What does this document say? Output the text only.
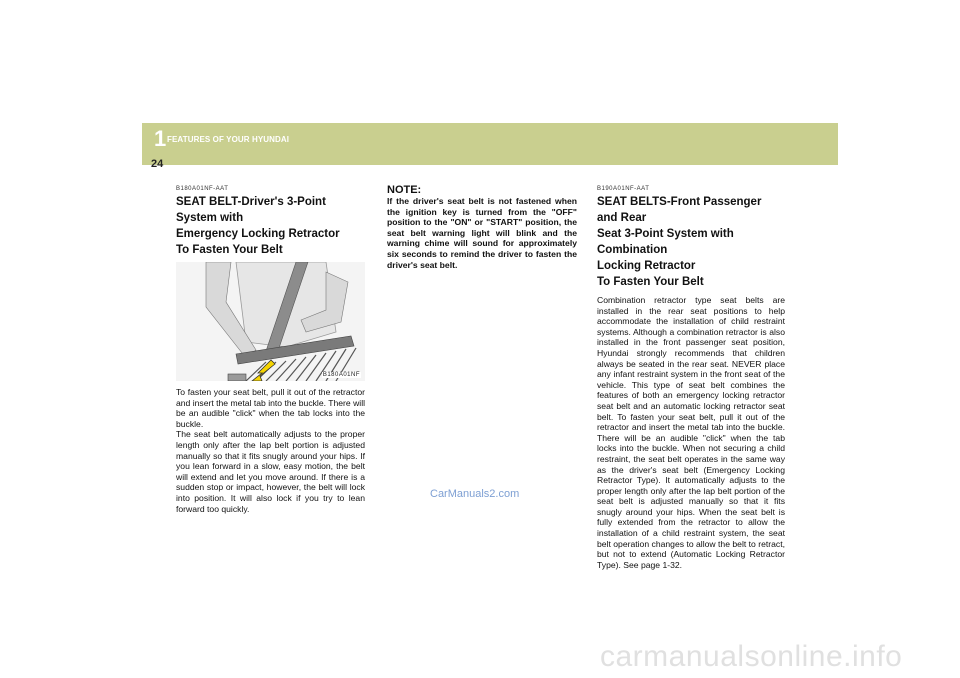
1 FEATURES OF YOUR HYUNDAI
24
B180A01NF-AAT
SEAT BELT-Driver's 3-Point System with
Emergency Locking Retractor
To Fasten Your Belt
B180A01NF

To fasten your seat belt, pull it out of the retractor and insert the metal tab into the buckle. There will be an audible "click" when the tab locks into the buckle.

The seat belt automatically adjusts to the proper length only after the lap belt portion is adjusted manually so that it fits snugly around your hips. If you lean forward in a slow, easy motion, the belt will extend and let you move around. If there is a sudden stop or impact, however, the belt will lock into position. It will also lock if you try to lean forward too quickly.

NOTE:
If the driver's seat belt is not fastened when the ignition key is turned from the "OFF" position to the "ON" or "START" position, the seat belt warning light will blink and the warning chime will sound for approximately six seconds to remind the driver to fasten the driver's seat belt.
B190A01NF-AAT
SEAT BELTS-Front Passenger and Rear
Seat 3-Point System with Combination
Locking Retractor
To Fasten Your Belt

Combination retractor type seat belts are installed in the rear seat positions to help accommodate the installation of child restraint systems. Although a combination retractor is also installed in the front passenger seat position, Hyundai strongly recommends that children always be seated in the rear seat. NEVER place any infant restraint system in the front seat of the vehicle. This type of seat belt combines the features of both an emergency locking retractor seat belt and an automatic locking retractor seat belt. To fasten your seat belt, pull it out of the retractor and insert the metal tab into the buckle. There will be an audible "click" when the tab locks into the buckle. When not securing a child restraint, the seat belt operates in the same way as the driver's seat belt (Emergency Locking Retractor Type). It automatically adjusts to the proper length only after the lap belt portion of the seat belt is adjusted manually so that it fits snugly around your hips. When the seat belt is fully extended from the retractor to allow the installation of a child restraint system, the seat belt operation changes to allow the belt to retract, but not to extend (Automatic Locking Retractor Type). See page 1-32.

CarManuals2.com
carmanualsonline.info
